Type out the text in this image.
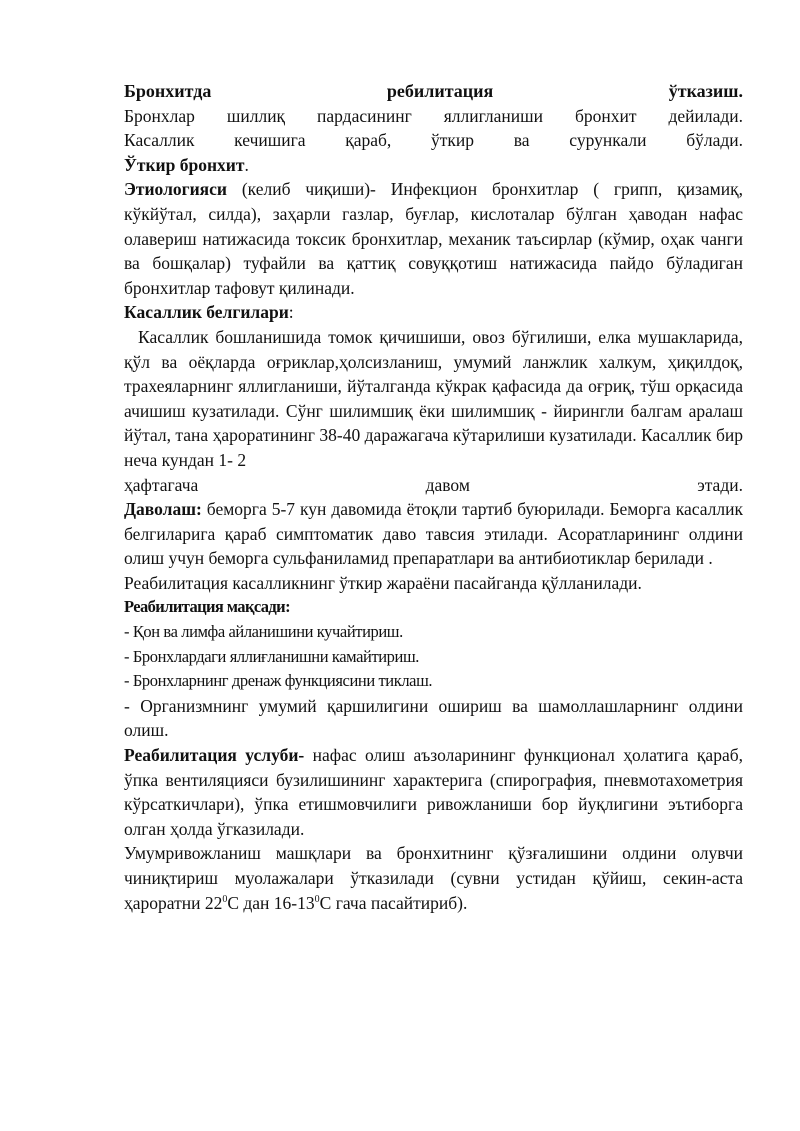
Бронхитда	ребилитация	ўтказиш.

Бронхлар шиллиқ пардасининг яллигланиши бронхит дейилади.

Касаллик кечишига қараб, ўткир ва сурункали бўлади.

Ўткир бронхит.

Этиологияси (келиб чиқиши)- Инфекцион бронхитлар ( грипп, қизамиқ, кўкйўтал, силда), заҳарли газлар, буғлар, кислоталар бўлган ҳаводан нафас олавериш натижасида токсик бронхитлар, механик таъсирлар (кўмир, оҳак чанги ва бошқалар) туфайли ва қаттиқ совуққотиш натижасида пайдо бўладиган бронхитлар тафовут қилинади.

Касаллик белгилари:

Касаллик бошланишида томок қичишиши, овоз бўгилиши, елка мушакларида, қўл ва оёқларда оғриклар,ҳолсизланиш, умумий ланжлик халкум, ҳиқилдоқ, трахеяларнинг яллигланиши, йўталганда кўкрак қафасида да оғриқ, тўш орқасида ачишиш кузатилади. Сўнг шилимшиқ ёки шилимшиқ - йирингли балгам аралаш йўтал, тана ҳароратининг 38-40 даражагача кўтарилиши кузатилади. Касаллик бир неча кундан 1- 2

ҳафтагача	давом	этади.

Даволаш: беморга 5-7 кун давомида ётоқли тартиб буюрилади. Беморга касаллик белгиларига қараб симптоматик даво тавсия этилади. Асоратларининг олдини олиш учун беморга сульфаниламид препаратлари ва антибиотиклар берилади .

Реабилитация касалликнинг ўткир жараёни пасайганда қўлланилади.

Реабилитация мақсади:

- Қон ва лимфа айланишини кучайтириш.

- Бронхлардаги яллиғланишни камайтириш.

- Бронхларнинг дренаж функциясини тиклаш.

- Организмнинг умумий қаршилигини ошириш ва шамоллашларнинг олдини олиш.

Реабилитация услуби- нафас олиш аъзоларининг функционал ҳолатига қараб, ўпка вентиляцияси бузилишининг характерига (спирография, пневмотахометрия кўрсаткичлари), ўпка етишмовчилиги ривожланиши бор йуқлигини эътиборга олган ҳолда ўгказилади.

Умумривожланиш машқлари ва бронхитнинг қўзғалишини олдини олувчи чиниқтириш муолажалари ўтказилади (сувни устидан қўйиш, секин-аста ҳароратни $22^0С$ дан $16-13^0С$ гача пасайтириб).
